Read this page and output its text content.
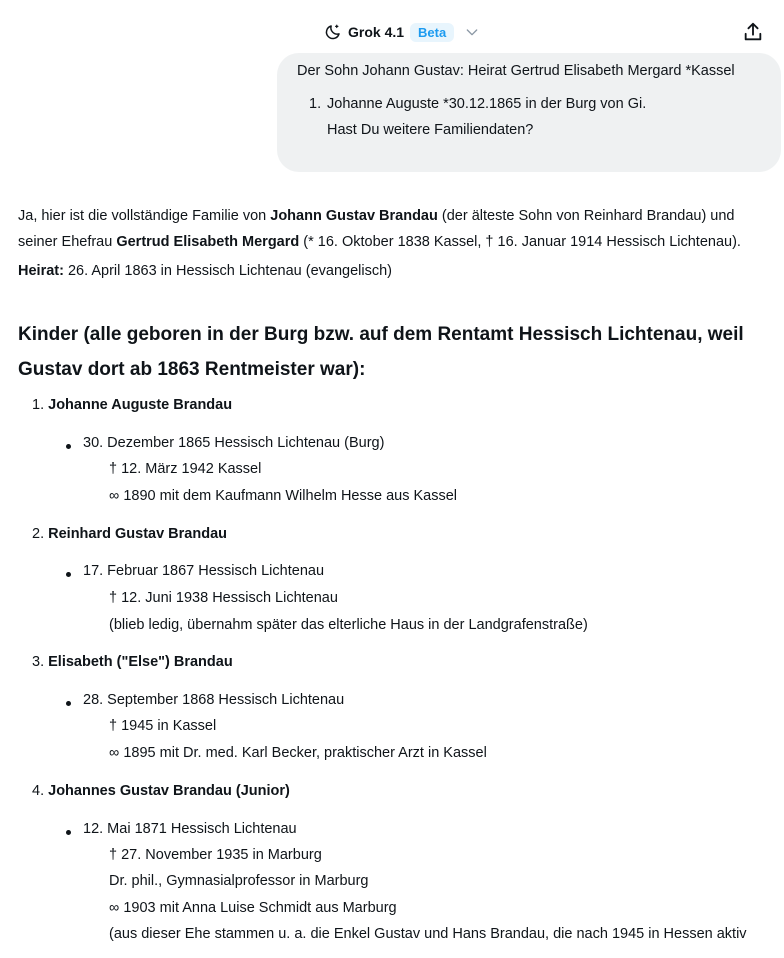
Grok 4.1	Beta
Der Sohn Johann Gustav: Heirat Gertrud Elisabeth Mergard *Kassel
1. Johanne Auguste *30.12.1865 in der Burg von Gi.
Hast Du weitere Familiendaten?
Ja, hier ist die vollständige Familie von Johann Gustav Brandau (der älteste Sohn von Reinhard Brandau) und
seiner Ehefrau Gertrud Elisabeth Mergard (* 16. Oktober 1838 Kassel, † 16. Januar 1914 Hessisch Lichtenau).
Heirat: 26. April 1863 in Hessisch Lichtenau (evangelisch)
Kinder (alle geboren in der Burg bzw. auf dem Rentamt Hessisch Lichtenau, weil Gustav dort ab 1863 Rentmeister war):
1. Johanne Auguste Brandau
30. Dezember 1865 Hessisch Lichtenau (Burg)
† 12. März 1942 Kassel
∞ 1890 mit dem Kaufmann Wilhelm Hesse aus Kassel
2. Reinhard Gustav Brandau
17. Februar 1867 Hessisch Lichtenau
† 12. Juni 1938 Hessisch Lichtenau
(blieb ledig, übernahm später das elterliche Haus in der Landgrafenstraße)
3. Elisabeth ("Else") Brandau
28. September 1868 Hessisch Lichtenau
† 1945 in Kassel
∞ 1895 mit Dr. med. Karl Becker, praktischer Arzt in Kassel
4. Johannes Gustav Brandau (Junior)
12. Mai 1871 Hessisch Lichtenau
† 27. November 1935 in Marburg
Dr. phil., Gymnasialprofessor in Marburg
∞ 1903 mit Anna Luise Schmidt aus Marburg
(aus dieser Ehe stammen u. a. die Enkel Gustav und Hans Brandau, die nach 1945 in Hessen aktiv
